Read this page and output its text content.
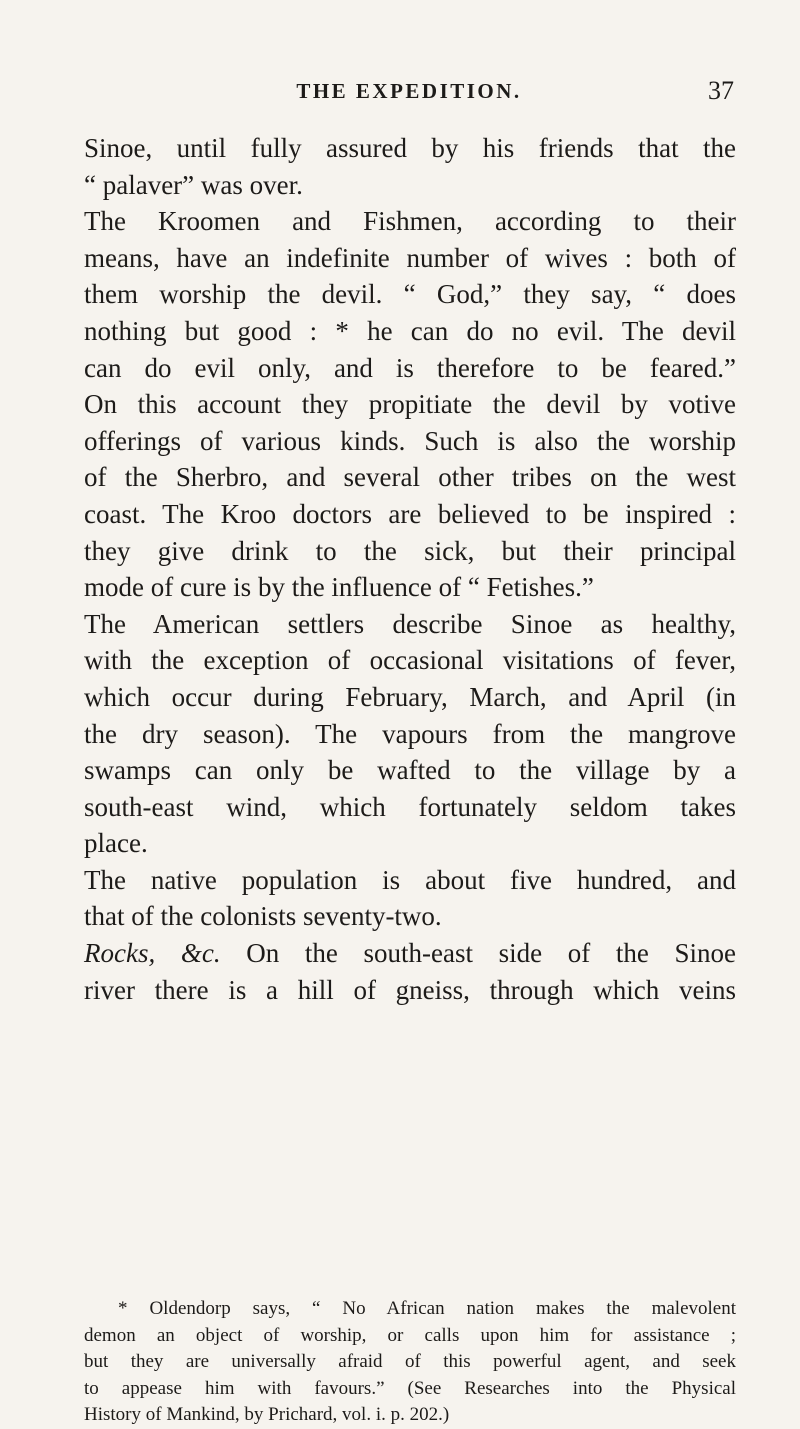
THE EXPEDITION.	37
Sinoe, until fully assured by his friends that the
“ palaver” was over.
The Kroomen and Fishmen, according to their
means, have an indefinite number of wives : both of
them worship the devil. “ God,” they say, “ does
nothing but good : * he can do no evil. The devil
can do evil only, and is therefore to be feared.”
On this account they propitiate the devil by votive
offerings of various kinds. Such is also the worship
of the Sherbro, and several other tribes on the west
coast. The Kroo doctors are believed to be inspired :
they give drink to the sick, but their principal
mode of cure is by the influence of “ Fetishes.”
The American settlers describe Sinoe as healthy,
with the exception of occasional visitations of fever,
which occur during February, March, and April (in
the dry season). The vapours from the mangrove
swamps can only be wafted to the village by a
south-east wind, which fortunately seldom takes
place.
The native population is about five hundred, and
that of the colonists seventy-two.
Rocks, &c. On the south-east side of the Sinoe
river there is a hill of gneiss, through which veins
* Oldendorp says, “ No African nation makes the malevolent
demon an object of worship, or calls upon him for assistance ;
but they are universally afraid of this powerful agent, and seek
to appease him with favours.” (See Researches into the Physical
History of Mankind, by Prichard, vol. i. p. 202.)
